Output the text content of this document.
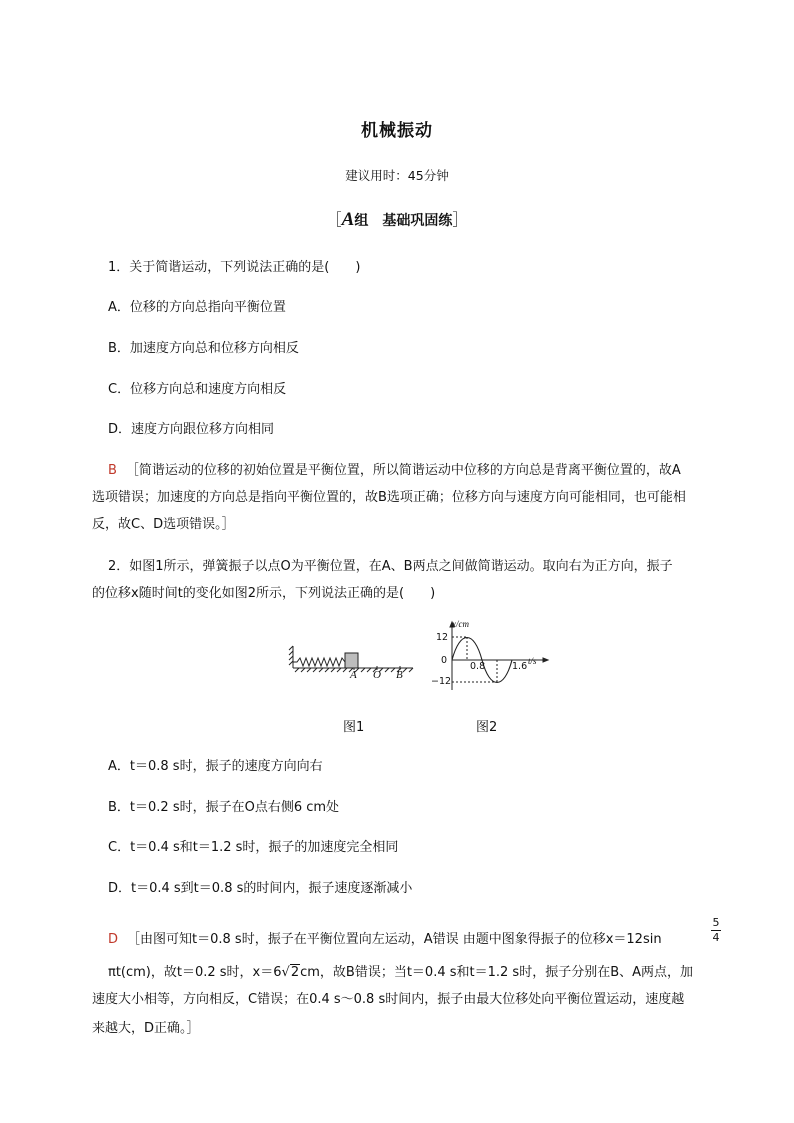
机械振动
建议用时：45分钟
［A组　基础巩固练］
1．关于简谐运动，下列说法正确的是(　　)
A．位移的方向总指向平衡位置
B．加速度方向总和位移方向相反
C．位移方向总和速度方向相反
D．速度方向跟位移方向相同
B ［简谐运动的位移的初始位置是平衡位置，所以简谐运动中位移的方向总是背离平衡位置的，故A
选项错误；加速度的方向总是指向平衡位置的，故B选项正确；位移方向与速度方向可能相同，也可能相
反，故C、D选项错误。］
2．如图1所示，弹簧振子以点O为平衡位置，在A、B两点之间做简谐运动。取向右为正方向，振子
的位移x随时间t的变化如图2所示，下列说法正确的是(　　)
A O B
x/cm
12
0
−12
0.8	1.6 t/s
图1	图2
A．t＝0.8 s时，振子的速度方向向右
B．t＝0.2 s时，振子在O点右侧6 cm处
C．t＝0.4 s和t＝1.2 s时，振子的加速度完全相同
D．t＝0.4 s到t＝0.8 s的时间内，振子速度逐渐减小
D ［由图可知t＝0.8 s时，振子在平衡位置向左运动，A错误 由题中图象得振子的位移x＝12sin
5
4
πt(cm)，故t＝0.2 s时，x＝6√2cm，故B错误；当t＝0.4 s和t＝1.2 s时，振子分别在B、A两点，加
速度大小相等，方向相反，C错误；在0.4 s～0.8 s时间内，振子由最大位移处向平衡位置运动，速度越
来越大，D正确。］
